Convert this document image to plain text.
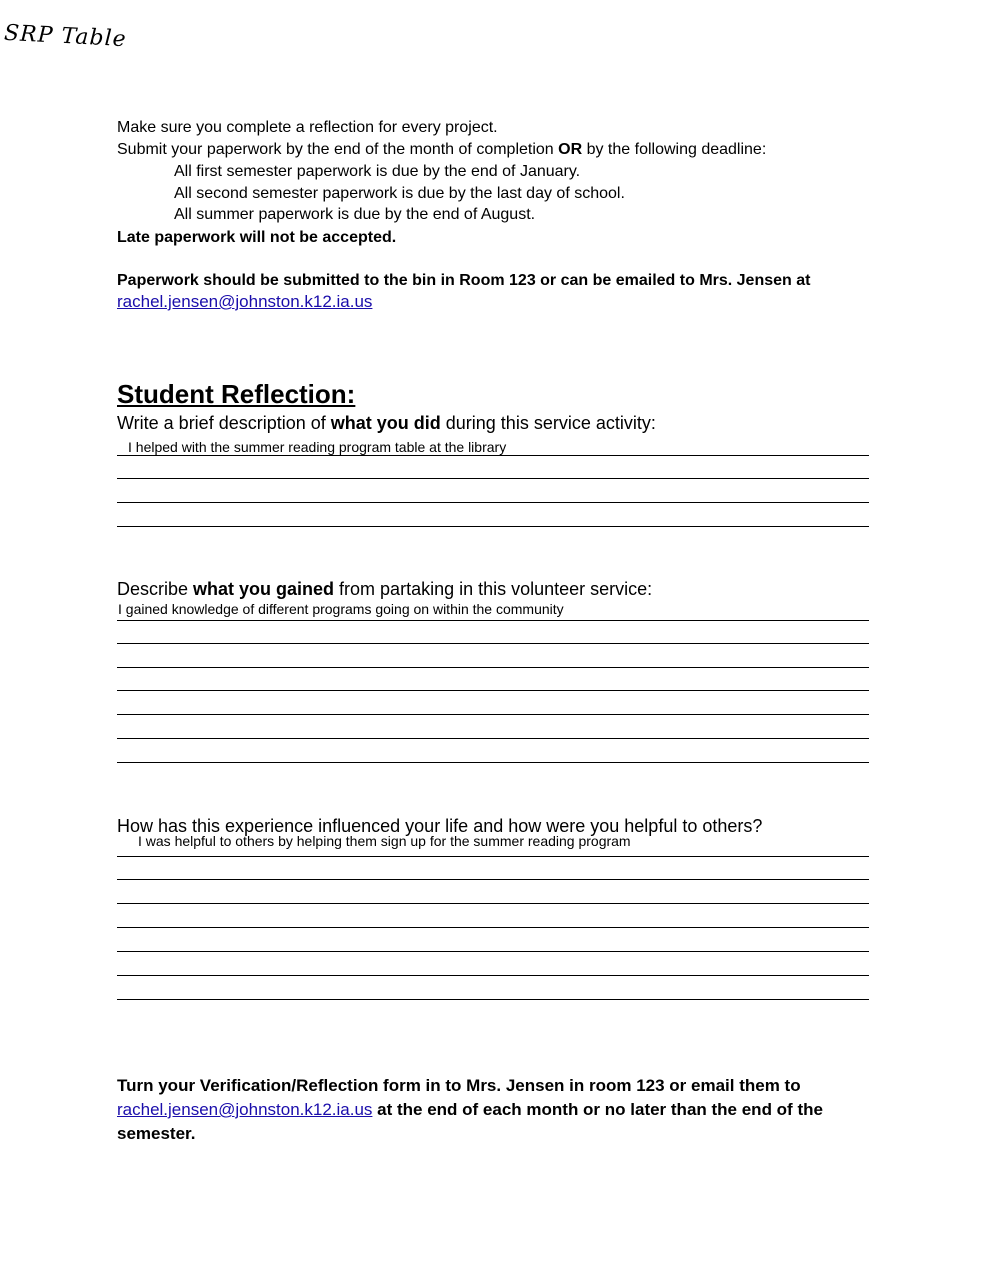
SRP Table
Make sure you complete a reflection for every project.
Submit your paperwork by the end of the month of completion OR by the following deadline:
All first semester paperwork is due by the end of January.
All second semester paperwork is due by the last day of school.
All summer paperwork is due by the end of August.
Late paperwork will not be accepted.
Paperwork should be submitted to the bin in Room 123 or can be emailed to Mrs. Jensen at
rachel.jensen@johnston.k12.ia.us
Student Reflection:
Write a brief description of what you did during this service activity:
I helped with the summer reading program table at the library
Describe what you gained from partaking in this volunteer service:
I gained knowledge of different programs going on within the community
How has this experience influenced your life and how were you helpful to others?
I was helpful to others by helping them sign up for the summer reading program
Turn your Verification/Reflection form in to Mrs. Jensen in room 123 or email them to
rachel.jensen@johnston.k12.ia.us at the end of each month or no later than the end of the semester.
